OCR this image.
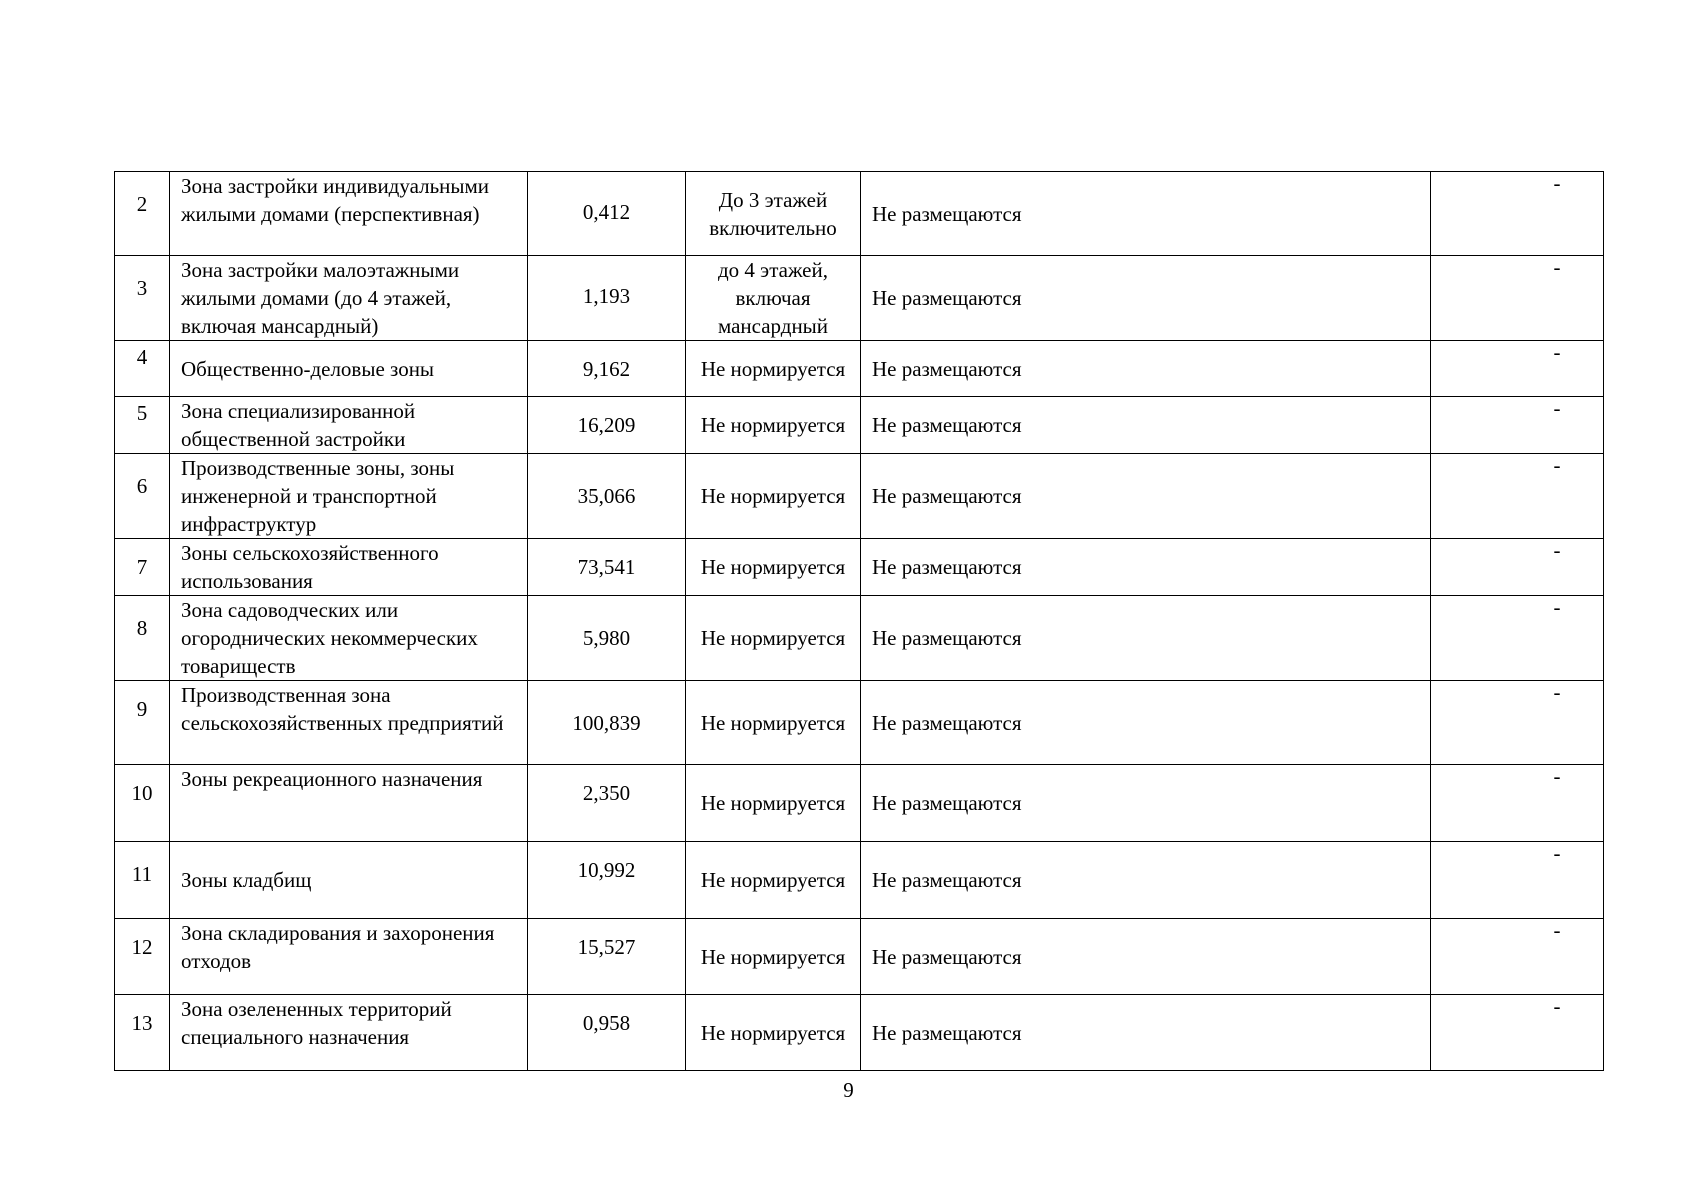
2	Зона застройки индивидуальными жилыми домами (перспективная)	0,412	До 3 этажей включительно	Не размещаются	-
3	Зона застройки малоэтажными жилыми домами (до 4 этажей, включая мансардный)	1,193	до 4 этажей, включая мансардный	Не размещаются	-
4	Общественно-деловые зоны	9,162	Не нормируется	Не размещаются	-
5	Зона специализированной общественной застройки	16,209	Не нормируется	Не размещаются	-
6	Производственные зоны, зоны инженерной и транспортной инфраструктур	35,066	Не нормируется	Не размещаются	-
7	Зоны сельскохозяйственного использования	73,541	Не нормируется	Не размещаются	-
8	Зона садоводческих или огороднических некоммерческих товариществ	5,980	Не нормируется	Не размещаются	-
9	Производственная зона сельскохозяйственных предприятий	100,839	Не нормируется	Не размещаются	-
10	Зоны рекреационного назначения	2,350	Не нормируется	Не размещаются	-
11	Зоны кладбищ	10,992	Не нормируется	Не размещаются	-
12	Зона складирования и захоронения отходов	15,527	Не нормируется	Не размещаются	-
13	Зона озелененных территорий специального назначения	0,958	Не нормируется	Не размещаются	-
9
